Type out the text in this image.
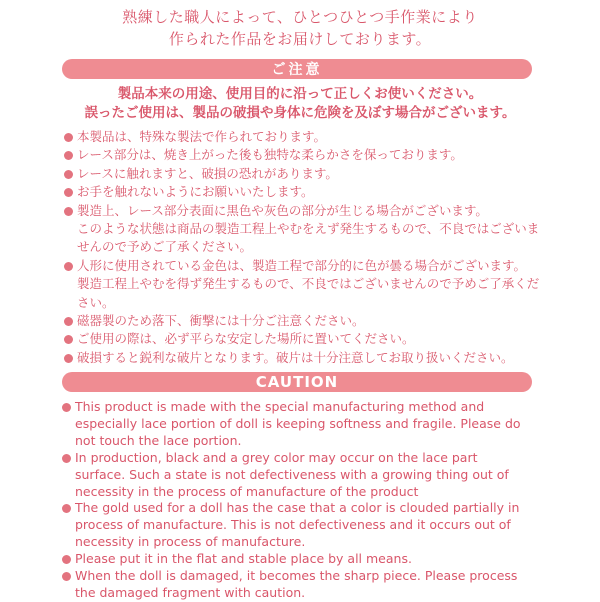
熟練した職人によって、ひとつひとつ手作業により
作られた作品をお届けしております。
ご注意
製品本来の用途、使用目的に沿って正しくお使いください。
誤ったご使用は、製品の破損や身体に危険を及ぼす場合がございます。
本製品は、特殊な製法で作られております。
レース部分は、焼き上がった後も独特な柔らかさを保っております。
レースに触れますと、破損の恐れがあります。
お手を触れないようにお願いいたします。
製造上、レース部分表面に黒色や灰色の部分が生じる場合がございます。
このような状態は商品の製造工程上やむをえず発生するもので、不良ではございま
せんので予めご了承ください。
人形に使用されている金色は、製造工程で部分的に色が曇る場合がございます。
製造工程上やむを得ず発生するもので、不良ではございませんので予めご了承くだ
さい。
磁器製のため落下、衝撃には十分ご注意ください。
ご使用の際は、必ず平らな安定した場所に置いてください。
破損すると鋭利な破片となります。破片は十分注意してお取り扱いください。
CAUTION
This product is made with the special manufacturing method and
especially lace portion of doll is keeping softness and fragile. Please do
not touch the lace portion.
In production, black and a grey color may occur on the lace part
surface. Such a state is not defectiveness with a growing thing out of
necessity in the process of manufacture of the product
The gold used for a doll has the case that a color is clouded partially in
process of manufacture. This is not defectiveness and it occurs out of
necessity in process of manufacture.
Please put it in the flat and stable place by all means.
When the doll is damaged, it becomes the sharp piece. Please process
the damaged fragment with caution.
